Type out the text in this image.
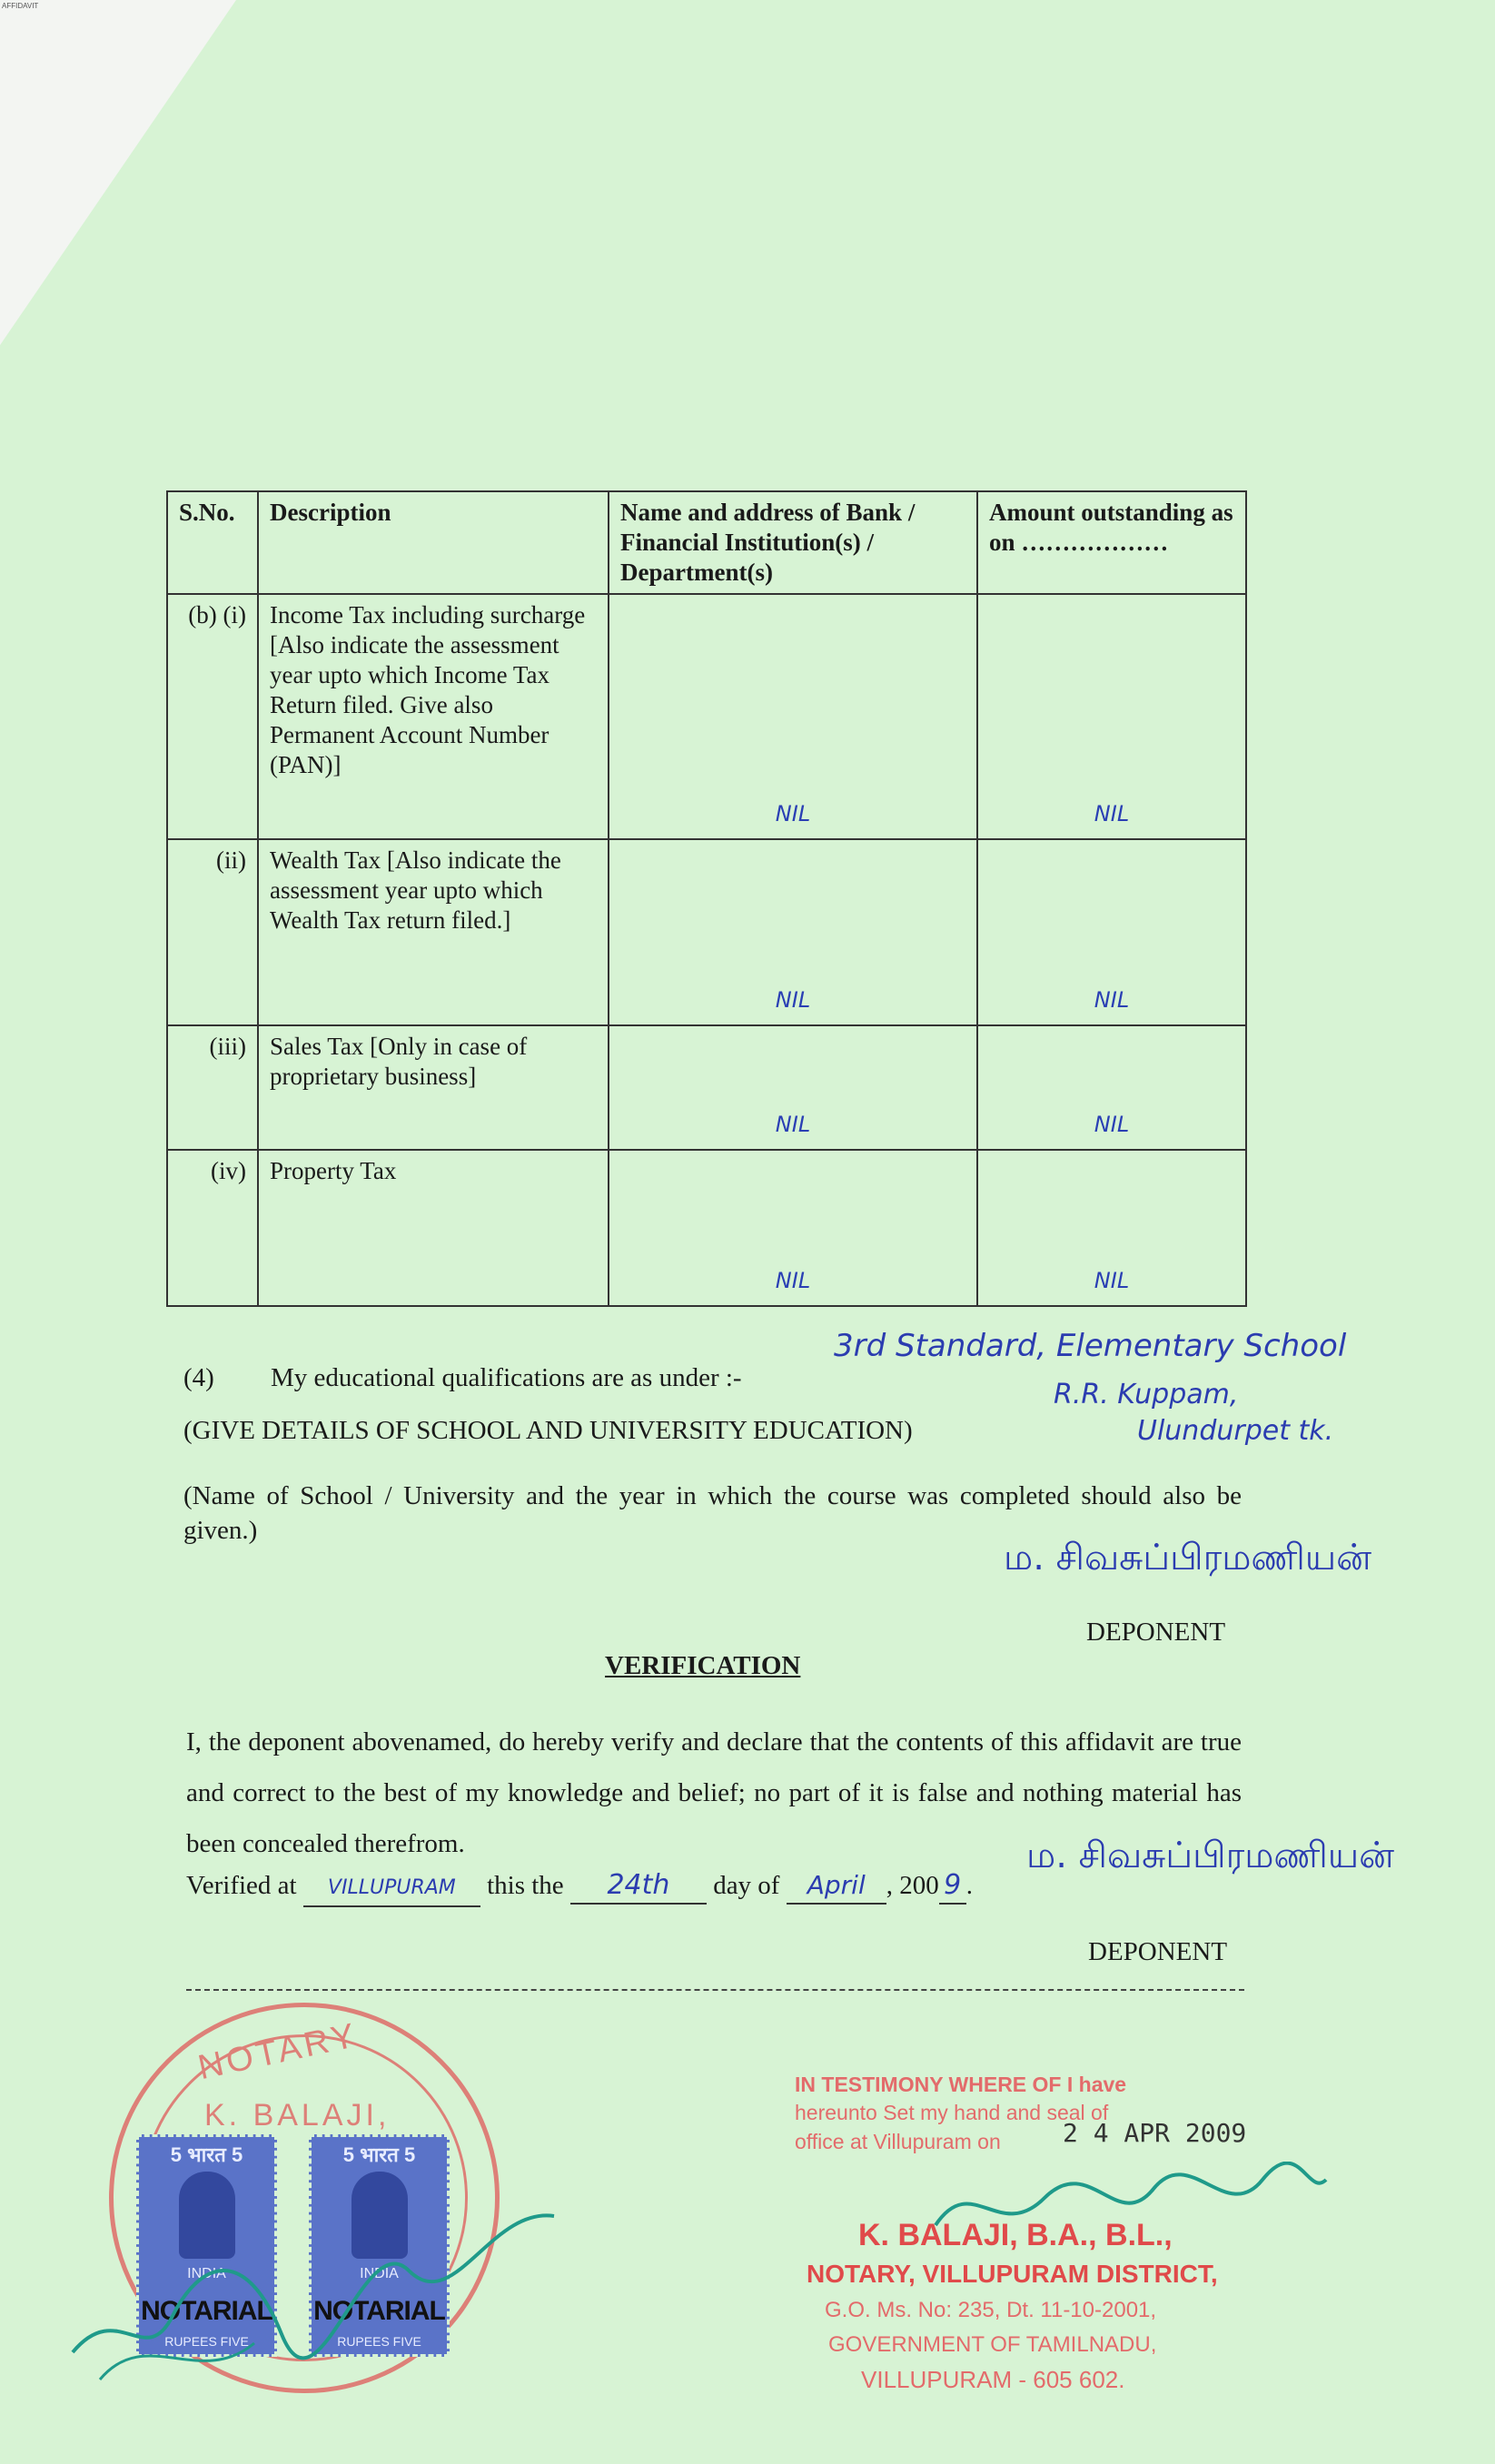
AFFIDAVIT
S.No.	Description	Name and address of Bank / Financial Institution(s) / Department(s)	Amount outstanding as on ………………
(b) (i)	Income Tax including surcharge [Also indicate the assessment year upto which Income Tax Return filed. Give also Permanent Account Number (PAN)]	NIL	NIL

(ii)	Wealth Tax [Also indicate the assessment year upto which Wealth Tax return filed.]	NIL	NIL

(iii)	Sales Tax [Only in case of proprietary business]	NIL	NIL

(iv)	Property Tax	NIL	NIL
(4) My educational qualifications are as under :-
(GIVE DETAILS OF SCHOOL AND UNIVERSITY EDUCATION)
3rd Standard, Elementary School
R.R. Kuppam,
Ulundurpet tk.
(Name of School / University and the year in which the course was completed should also be given.)
ம. சிவசுப்பிரமணியன்
DEPONENT
VERIFICATION
I, the deponent abovenamed, do hereby verify and declare that the contents of this affidavit are true and correct to the best of my knowledge and belief; no part of it is false and nothing material has been concealed therefrom.
Verified at VILLUPURAM this the 24th day of April , 200 9 .
ம. சிவசுப்பிரமணியன்
DEPONENT
NOTARY
K. BALAJI,
5 भारत 5
INDIA
NOTARIAL
RUPEES FIVE
5 भारत 5
INDIA
NOTARIAL
RUPEES FIVE
IN TESTIMONY WHERE OF I have
hereunto Set my hand and seal of
office at Villupuram on 2 4 APR 2009
K. BALAJI, B.A., B.L.,
NOTARY, VILLUPURAM DISTRICT,
G.O. Ms. No: 235, Dt. 11-10-2001,
GOVERNMENT OF TAMILNADU,
VILLUPURAM - 605 602.
